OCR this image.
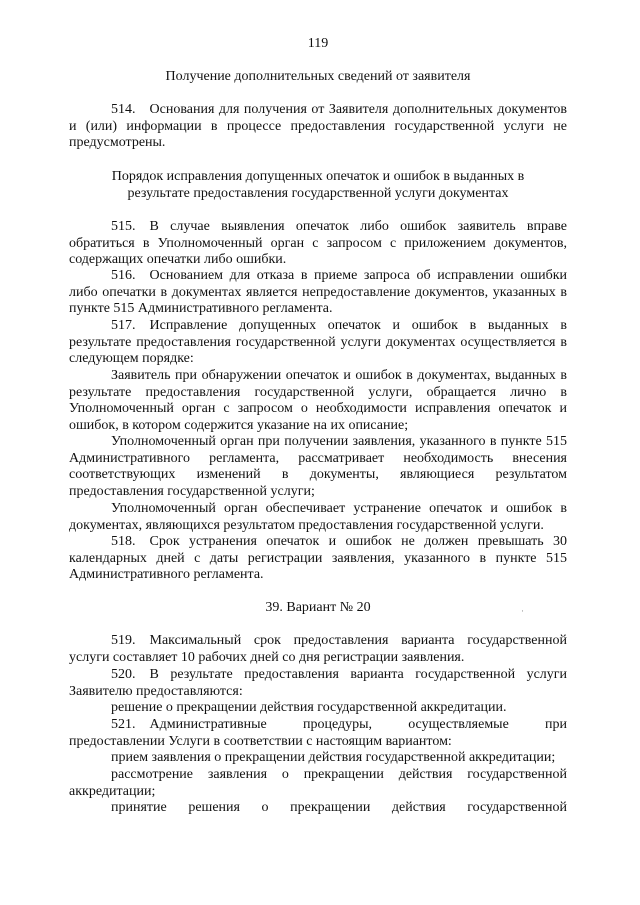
119
Получение дополнительных сведений от заявителя

514. Основания для получения от Заявителя дополнительных документов и (или) информации в процессе предоставления государственной услуги не предусмотрены.

Порядок исправления допущенных опечаток и ошибок в выданных в
результате предоставления государственной услуги документах

515. В случае выявления опечаток либо ошибок заявитель вправе обратиться в Уполномоченный орган с запросом с приложением документов, содержащих опечатки либо ошибки.

516. Основанием для отказа в приеме запроса об исправлении ошибки либо опечатки в документах является непредоставление документов, указанных в пункте 515 Административного регламента.

517. Исправление допущенных опечаток и ошибок в выданных в результате предоставления государственной услуги документах осуществляется в следующем порядке:

Заявитель при обнаружении опечаток и ошибок в документах, выданных в результате предоставления государственной услуги, обращается лично в Уполномоченный орган с запросом о необходимости исправления опечаток и ошибок, в котором содержится указание на их описание;

Уполномоченный орган при получении заявления, указанного в пункте 515 Административного регламента, рассматривает необходимость внесения соответствующих изменений в документы, являющиеся результатом предоставления государственной услуги;

Уполномоченный орган обеспечивает устранение опечаток и ошибок в документах, являющихся результатом предоставления государственной услуги.

518. Срок устранения опечаток и ошибок не должен превышать 30 календарных дней с даты регистрации заявления, указанного в пункте 515 Административного регламента.

39. Вариант № 20

519. Максимальный срок предоставления варианта государственной услуги составляет 10 рабочих дней со дня регистрации заявления.

520. В результате предоставления варианта государственной услуги Заявителю предоставляются:

решение о прекращении действия государственной аккредитации.

521. Административные процедуры, осуществляемые при предоставлении Услуги в соответствии с настоящим вариантом:

прием заявления о прекращении действия государственной аккредитации;

рассмотрение заявления о прекращении действия государственной аккредитации;

принятие решения о прекращении действия государственной

·
